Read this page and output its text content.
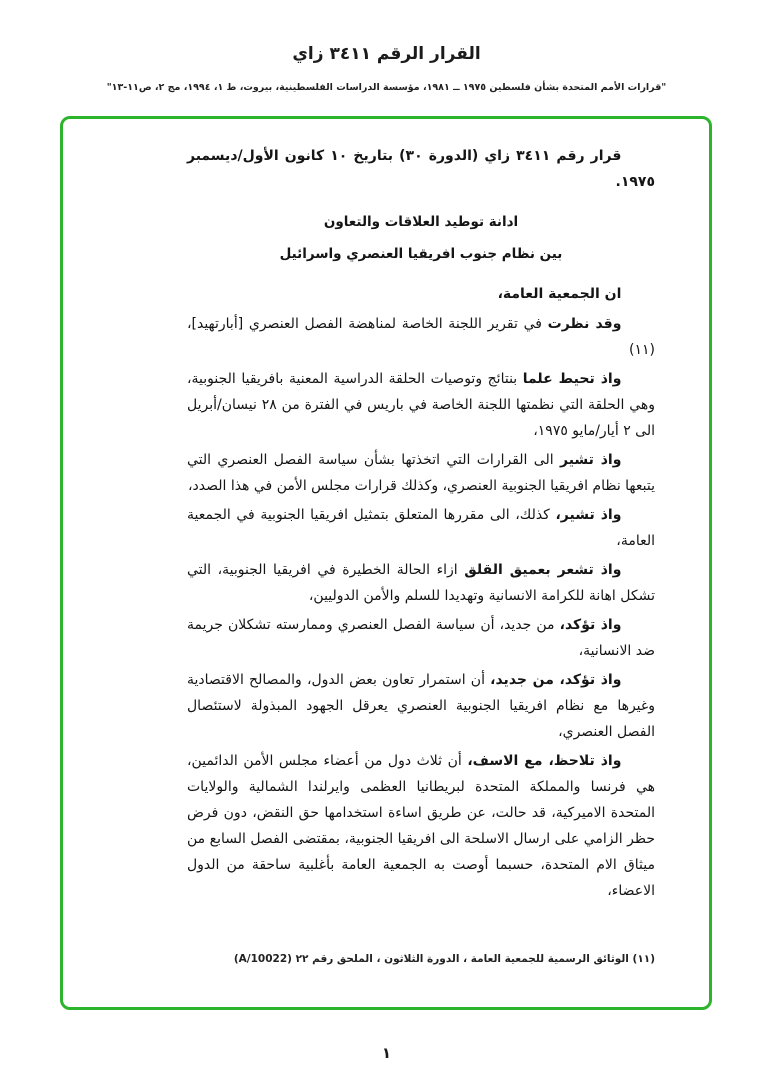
القرار الرقم ٣٤١١ زاي
"قرارات الأمم المتحدة بشأن فلسطين ١٩٧٥ ــ ١٩٨١، مؤسسة الدراسات الفلسطينية، بيروت، ط ١، ١٩٩٤، مج ٢، ص١١-١٣"

قرار رقم ٣٤١١ زاي (الدورة ٣٠) بتاريخ ١٠ كانون الأول/ديسمبر ١٩٧٥.

ادانة توطيد العلاقات والتعاون

بين نظام جنوب افريقيا العنصري واسرائيل

ان الجمعية العامة،

وقد نظرت في تقرير اللجنة الخاصة لمناهضة الفصل العنصري [أبارتهيد]،(١١)

واذ تحيط علما بنتائج وتوصيات الحلقة الدراسية المعنية بافريقيا الجنوبية، وهي الحلقة التي نظمتها اللجنة الخاصة في باريس في الفترة من ٢٨ نيسان/أبريل الى ٢ أيار/مايو ١٩٧٥،

واذ تشير الى القرارات التي اتخذتها بشأن سياسة الفصل العنصري التي يتبعها نظام افريقيا الجنوبية العنصري، وكذلك قرارات مجلس الأمن في هذا الصدد،

واذ تشير، كذلك، الى مقررها المتعلق بتمثيل افريقيا الجنوبية في الجمعية العامة،

واذ تشعر بعميق القلق ازاء الحالة الخطيرة في افريقيا الجنوبية، التي تشكل اهانة للكرامة الانسانية وتهديدا للسلم والأمن الدوليين،

واذ تؤكد، من جديد، أن سياسة الفصل العنصري وممارسته تشكلان جريمة ضد الانسانية،

واذ تؤكد، من جديد، أن استمرار تعاون بعض الدول، والمصالح الاقتصادية وغيرها مع نظام افريقيا الجنوبية العنصري يعرقل الجهود المبذولة لاستئصال الفصل العنصري،

واذ تلاحظ، مع الاسف، أن ثلاث دول من أعضاء مجلس الأمن الدائمين، هي فرنسا والمملكة المتحدة لبريطانيا العظمى وايرلندا الشمالية والولايات المتحدة الاميركية، قد حالت، عن طريق اساءة استخدامها حق النقض، دون فرض حظر الزامي على ارسال الاسلحة الى افريقيا الجنوبية، بمقتضى الفصل السابع من ميثاق الام المتحدة، حسبما أوصت به الجمعية العامة بأغلبية ساحقة من الدول الاعضاء،

(١١) الوثائق الرسمية للجمعية العامة ، الدورة الثلاثون ، الملحق رقم ٢٢ (A/10022)
١
